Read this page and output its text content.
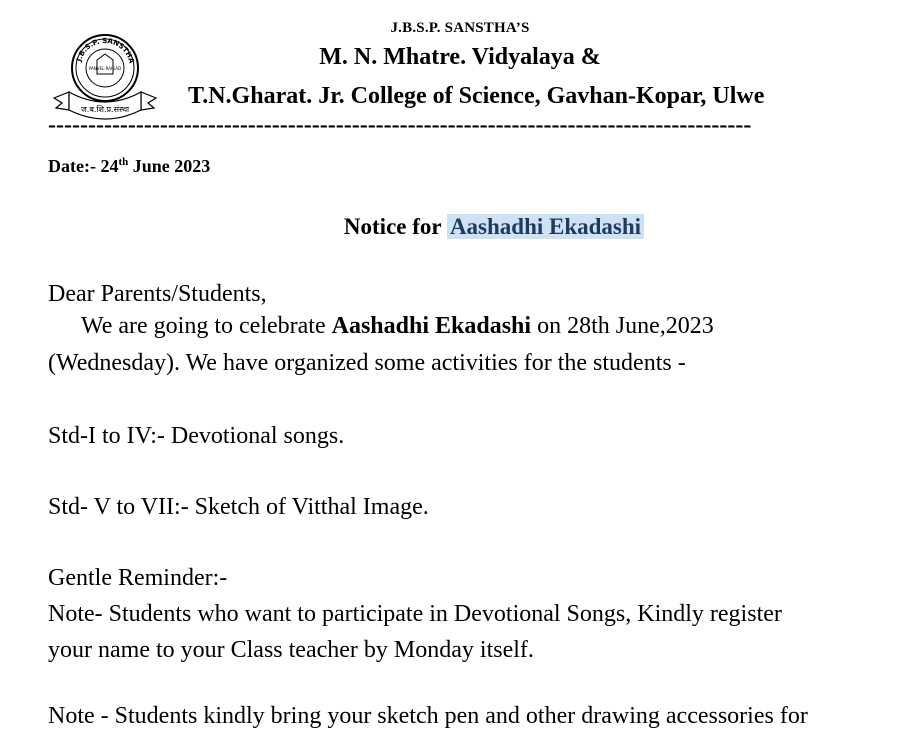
J.B.S.P. SANSTHA
PANVEL-RAIGAD
ज.ब.शि.प्र.संस्था
J.B.S.P. SANSTHA’S
M. N. Mhatre. Vidyalaya &
T.N.Gharat. Jr. College of Science, Gavhan-Kopar, Ulwe
----------------------------------------------------------------------------------------
Date:- 24th June 2023
Notice for Aashadhi Ekadashi
Dear Parents/Students,
We are going to celebrate Aashadhi Ekadashi on 28th June,2023
(Wednesday). We have organized some activities for the students -
Std-I to IV:- Devotional songs.
Std- V to VII:- Sketch of Vitthal Image.
Gentle Reminder:-
Note- Students who want to participate in Devotional Songs, Kindly register
your name to your Class teacher by Monday itself.
Note - Students kindly bring your sketch pen and other drawing accessories for
